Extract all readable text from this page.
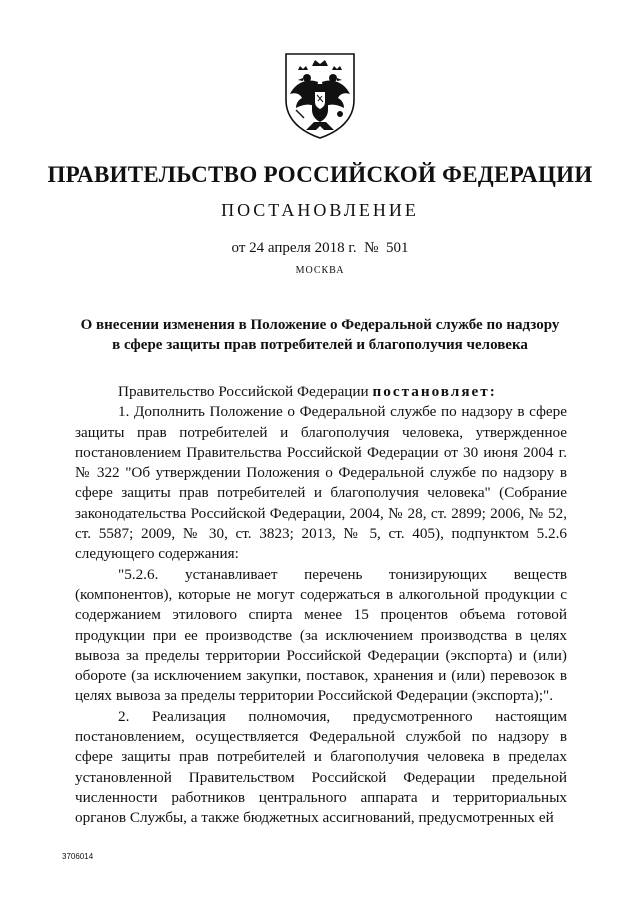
ПРАВИТЕЛЬСТВО РОССИЙСКОЙ ФЕДЕРАЦИИ
ПОСТАНОВЛЕНИЕ
от 24 апреля 2018 г.  №  501
МОСКВА
О внесении изменения в Положение о Федеральной службе по надзору
в сфере защиты прав потребителей и благополучия человека

Правительство Российской Федерации постановляет:

1. Дополнить Положение о Федеральной службе по надзору в сфере защиты прав потребителей и благополучия человека, утвержденное постановлением Правительства Российской Федерации от 30 июня 2004 г. № 322 "Об утверждении Положения о Федеральной службе по надзору в сфере защиты прав потребителей и благополучия человека" (Собрание законодательства Российской Федерации, 2004, № 28, ст. 2899; 2006, № 52, ст. 5587; 2009, № 30, ст. 3823; 2013, № 5, ст. 405), подпунктом 5.2.6 следующего содержания:

"5.2.6. устанавливает перечень тонизирующих веществ (компонентов), которые не могут содержаться в алкогольной продукции с содержанием этилового спирта менее 15 процентов объема готовой продукции при ее производстве (за исключением производства в целях вывоза за пределы территории Российской Федерации (экспорта) и (или) обороте (за исключением закупки, поставок, хранения и (или) перевозок в целях вывоза за пределы территории Российской Федерации (экспорта);".

2. Реализация полномочия, предусмотренного настоящим постановлением, осуществляется Федеральной службой по надзору в сфере защиты прав потребителей и благополучия человека в пределах установленной Правительством Российской Федерации предельной численности работников центрального аппарата и территориальных органов Службы, а также бюджетных ассигнований, предусмотренных ей

3706014
